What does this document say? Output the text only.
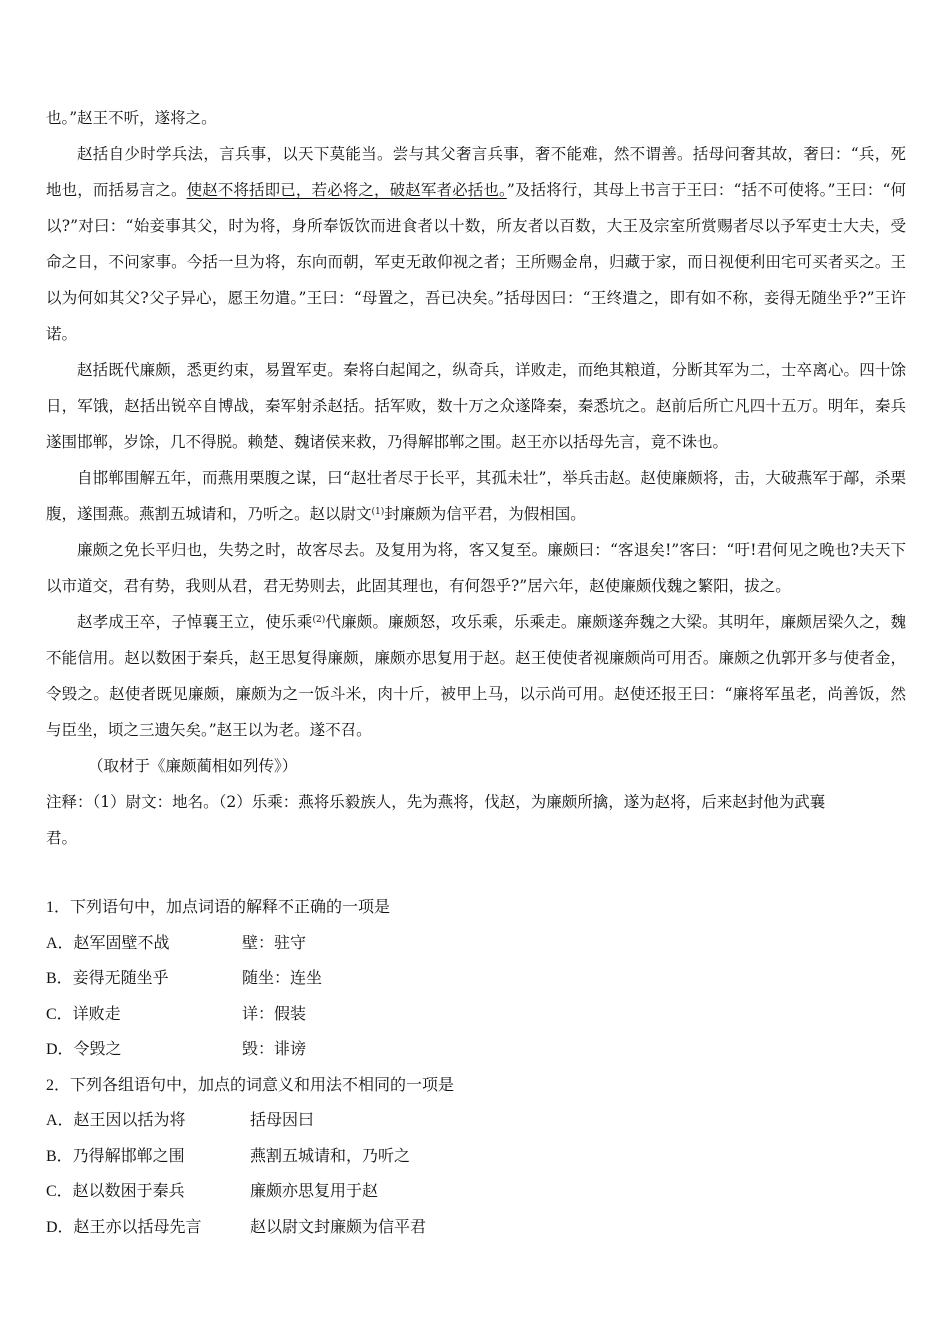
也。”赵王不听，遂将之。

赵括自少时学兵法，言兵事，以天下莫能当。尝与其父奢言兵事，奢不能难，然不谓善。括母问奢其故，奢曰：“兵，死地也，而括易言之。使赵不将括即已，若必将之，破赵军者必括也。”及括将行，其母上书言于王曰：“括不可使将。”王曰：“何以?”对曰：“始妾事其父，时为将，身所奉饭饮而进食者以十数，所友者以百数，大王及宗室所赏赐者尽以予军吏士大夫，受命之日，不问家事。今括一旦为将，东向而朝，军吏无敢仰视之者；王所赐金帛，归藏于家，而日视便利田宅可买者买之。王以为何如其父?父子异心，愿王勿遣。”王曰：“母置之，吾已决矣。”括母因曰：“王终遣之，即有如不称，妾得无随坐乎?”王许诺。

赵括既代廉颇，悉更约束，易置军吏。秦将白起闻之，纵奇兵，详败走，而绝其粮道，分断其军为二，士卒离心。四十馀日，军饿，赵括出锐卒自博战，秦军射杀赵括。括军败，数十万之众遂降秦，秦悉坑之。赵前后所亡凡四十五万。明年，秦兵遂围邯郸，岁馀，几不得脱。赖楚、魏诸侯来救，乃得解邯郸之围。赵王亦以括母先言，竟不诛也。

自邯郸围解五年，而燕用栗腹之谋，曰“赵壮者尽于长平，其孤未壮”，举兵击赵。赵使廉颇将，击，大破燕军于鄗，杀栗腹，遂围燕。燕割五城请和，乃听之。赵以尉文$^{(1)}$封廉颇为信平君，为假相国。

廉颇之免长平归也，失势之时，故客尽去。及复用为将，客又复至。廉颇曰：“客退矣!”客曰：“吁!君何见之晚也?夫天下以市道交，君有势，我则从君，君无势则去，此固其理也，有何怨乎?”居六年，赵使廉颇伐魏之繁阳，拔之。

赵孝成王卒，子悼襄王立，使乐乘$^{(2)}$代廉颇。廉颇怒，攻乐乘，乐乘走。廉颇遂奔魏之大梁。其明年，廉颇居梁久之，魏不能信用。赵以数困于秦兵，赵王思复得廉颇，廉颇亦思复用于赵。赵王使使者视廉颇尚可用否。廉颇之仇郭开多与使者金，令毁之。赵使者既见廉颇，廉颇为之一饭斗米，肉十斤，被甲上马，以示尚可用。赵使还报王曰：“廉将军虽老，尚善饭，然与臣坐，顷之三遗矢矣。”赵王以为老。遂不召。

（取材于《廉颇蔺相如列传》）

注释：（1）尉文：地名。（2）乐乘：燕将乐毅族人，先为燕将，伐赵，为廉颇所擒，遂为赵将，后来赵封他为武襄

君。

1．下列语句中，加点词语的解释不正确的一项是

A．赵军固壁不战	壁：驻守
B．妾得无随坐乎	随坐：连坐
C．详败走	详：假装
D．令毁之	毁：诽谤

2．下列各组语句中，加点的词意义和用法不相同的一项是

A．赵王因以括为将	括母因曰
B．乃得解邯郸之围	燕割五城请和，乃听之
C．赵以数困于秦兵	廉颇亦思复用于赵
D．赵王亦以括母先言	赵以尉文封廉颇为信平君
